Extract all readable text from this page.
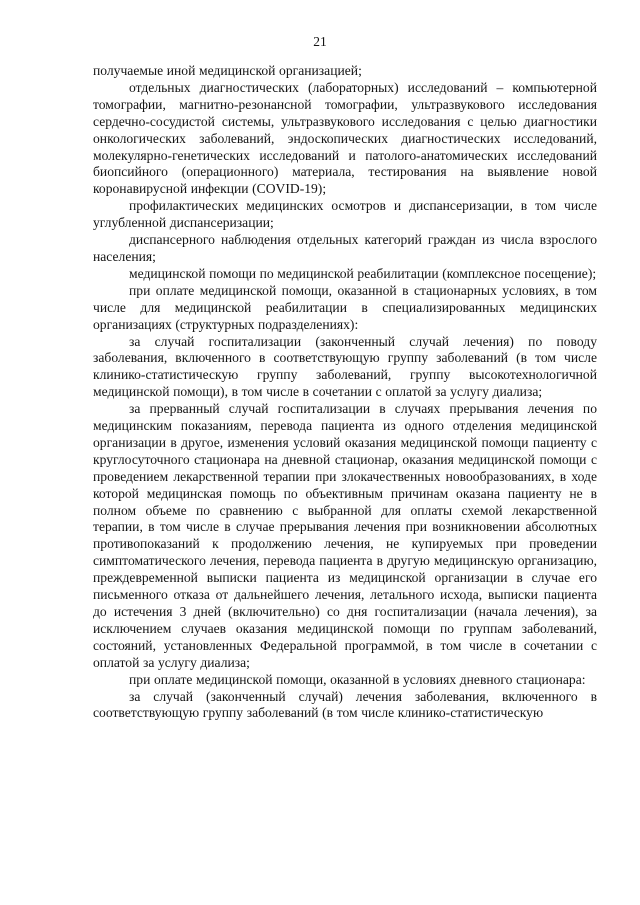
21

получаемые иной медицинской организацией;

отдельных диагностических (лабораторных) исследований – компьютерной томографии, магнитно-резонансной томографии, ультразвукового исследования сердечно-сосудистой системы, ультразвукового исследования с целью диагностики онкологических заболеваний, эндоскопических диагностических исследований, молекулярно-генетических исследований и патолого-анатомических исследований биопсийного (операционного) материала, тестирования на выявление новой коронавирусной инфекции (COVID-19);

профилактических медицинских осмотров и диспансеризации, в том числе углубленной диспансеризации;

диспансерного наблюдения отдельных категорий граждан из числа взрослого населения;

медицинской помощи по медицинской реабилитации (комплексное посещение);

при оплате медицинской помощи, оказанной в стационарных условиях, в том числе для медицинской реабилитации в специализированных медицинских организациях (структурных подразделениях):

за случай госпитализации (законченный случай лечения) по поводу заболевания, включенного в соответствующую группу заболеваний (в том числе клинико-статистическую группу заболеваний, группу высокотехнологичной медицинской помощи), в том числе в сочетании с оплатой за услугу диализа;

за прерванный случай госпитализации в случаях прерывания лечения по медицинским показаниям, перевода пациента из одного отделения медицинской организации в другое, изменения условий оказания медицинской помощи пациенту с круглосуточного стационара на дневной стационар, оказания медицинской помощи с проведением лекарственной терапии при злокачественных новообразованиях, в ходе которой медицинская помощь по объективным причинам оказана пациенту не в полном объеме по сравнению с выбранной для оплаты схемой лекарственной терапии, в том числе в случае прерывания лечения при возникновении абсолютных противопоказаний к продолжению лечения, не купируемых при проведении симптоматического лечения, перевода пациента в другую медицинскую организацию, преждевременной выписки пациента из медицинской организации в случае его письменного отказа от дальнейшего лечения, летального исхода, выписки пациента до истечения 3 дней (включительно) со дня госпитализации (начала лечения), за исключением случаев оказания медицинской помощи по группам заболеваний, состояний, установленных Федеральной программой, в том числе в сочетании с оплатой за услугу диализа;

при оплате медицинской помощи, оказанной в условиях дневного стационара:

за случай (законченный случай) лечения заболевания, включенного в соответствующую группу заболеваний (в том числе клинико-статистическую
